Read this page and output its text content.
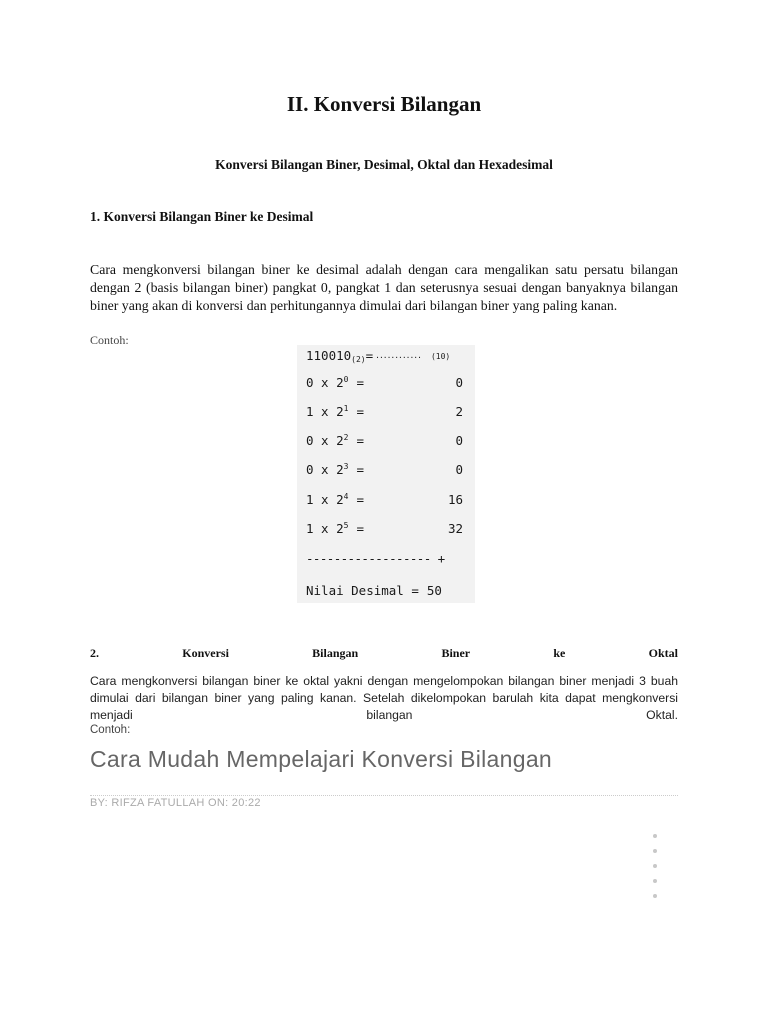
II. Konversi Bilangan
Konversi Bilangan Biner, Desimal, Oktal dan Hexadesimal
1. Konversi Bilangan Biner ke Desimal

Cara mengkonversi bilangan biner ke desimal adalah dengan cara mengalikan satu persatu bilangan dengan 2 (basis bilangan biner) pangkat 0, pangkat 1 dan seterusnya sesuai dengan banyaknya bilangan biner yang akan di konversi dan perhitungannya dimulai dari bilangan biner yang paling kanan.

Contoh:
110010(2)= ............ (10)
0 x $2^0$ =	0
1 x $2^1$ =	2
0 x $2^2$ =	0
0 x $2^3$ =	0
1 x $2^4$ =	16
1 x $2^5$ =	32
------------------ +
Nilai Desimal = 50
2.	Konversi	Bilangan	Biner	ke	Oktal

Cara mengkonversi bilangan biner ke oktal yakni dengan mengelompokan bilangan biner menjadi 3 buah dimulai dari bilangan biner yang paling kanan. Setelah dikelompokan barulah kita dapat mengkonversi menjadi bilangan Oktal.

Contoh:
Cara Mudah Mempelajari Konversi Bilangan
BY: RIFZA FATULLAH ON: 20:22
